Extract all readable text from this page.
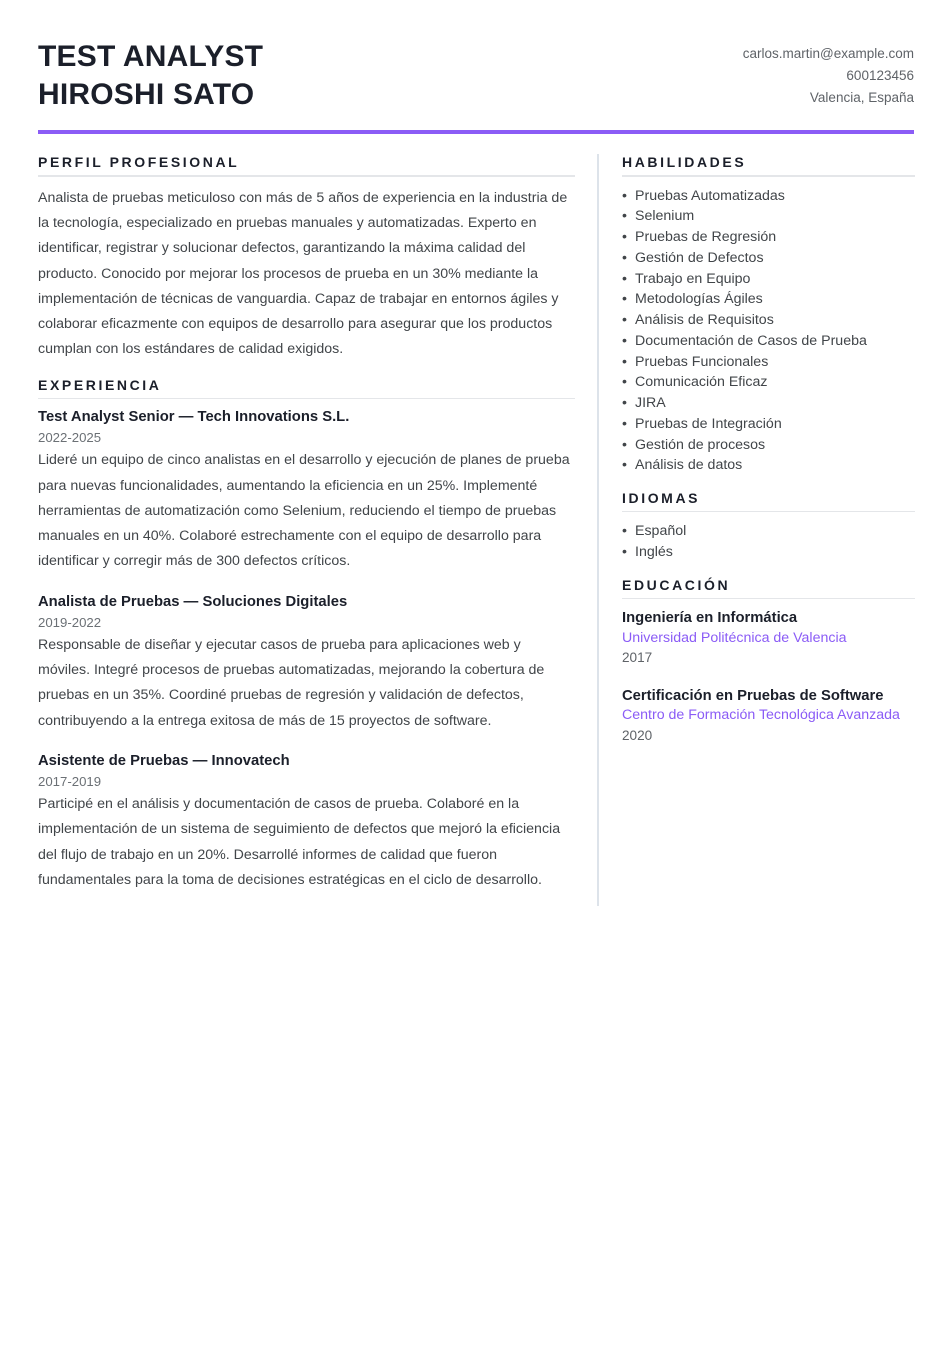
TEST ANALYST
HIROSHI SATO
carlos.martin@example.com
600123456
Valencia, España
PERFIL PROFESIONAL
Analista de pruebas meticuloso con más de 5 años de experiencia en la industria de la tecnología, especializado en pruebas manuales y automatizadas. Experto en identificar, registrar y solucionar defectos, garantizando la máxima calidad del producto. Conocido por mejorar los procesos de prueba en un 30% mediante la implementación de técnicas de vanguardia. Capaz de trabajar en entornos ágiles y colaborar eficazmente con equipos de desarrollo para asegurar que los productos cumplan con los estándares de calidad exigidos.
EXPERIENCIA
Test Analyst Senior — Tech Innovations S.L.
2022-2025
Lideré un equipo de cinco analistas en el desarrollo y ejecución de planes de prueba para nuevas funcionalidades, aumentando la eficiencia en un 25%. Implementé herramientas de automatización como Selenium, reduciendo el tiempo de pruebas manuales en un 40%. Colaboré estrechamente con el equipo de desarrollo para identificar y corregir más de 300 defectos críticos.
Analista de Pruebas — Soluciones Digitales
2019-2022
Responsable de diseñar y ejecutar casos de prueba para aplicaciones web y móviles. Integré procesos de pruebas automatizadas, mejorando la cobertura de pruebas en un 35%. Coordiné pruebas de regresión y validación de defectos, contribuyendo a la entrega exitosa de más de 15 proyectos de software.
Asistente de Pruebas — Innovatech
2017-2019
Participé en el análisis y documentación de casos de prueba. Colaboré en la implementación de un sistema de seguimiento de defectos que mejoró la eficiencia del flujo de trabajo en un 20%. Desarrollé informes de calidad que fueron fundamentales para la toma de decisiones estratégicas en el ciclo de desarrollo.
HABILIDADES
• Pruebas Automatizadas
• Selenium
• Pruebas de Regresión
• Gestión de Defectos
• Trabajo en Equipo
• Metodologías Ágiles
• Análisis de Requisitos
• Documentación de Casos de Prueba
• Pruebas Funcionales
• Comunicación Eficaz
• JIRA
• Pruebas de Integración
• Gestión de procesos
• Análisis de datos
IDIOMAS
• Español
• Inglés
EDUCACIÓN
Ingeniería en Informática
Universidad Politécnica de Valencia
2017
Certificación en Pruebas de Software
Centro de Formación Tecnológica Avanzada
2020
